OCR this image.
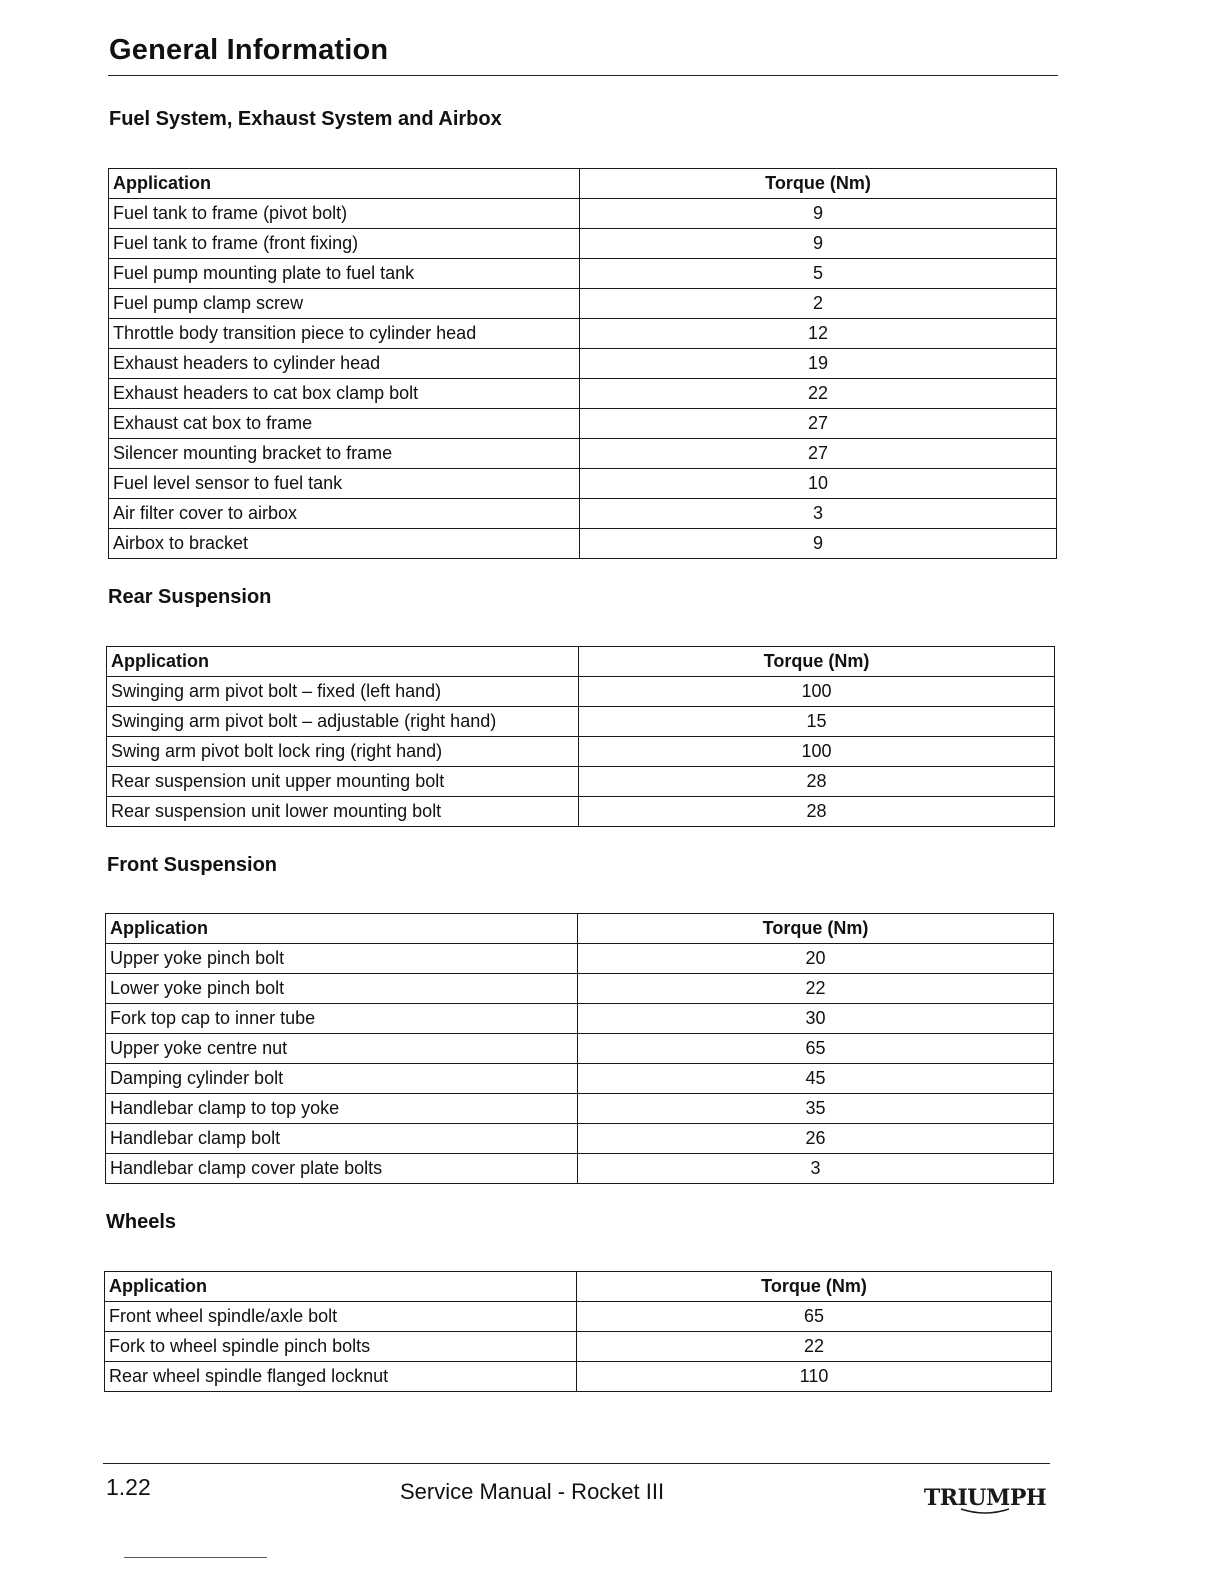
General Information
Fuel System, Exhaust System and Airbox
Application	Torque (Nm)
Fuel tank to frame (pivot bolt)	9
Fuel tank to frame (front fixing)	9
Fuel pump mounting plate to fuel tank	5
Fuel pump clamp screw	2
Throttle body transition piece to cylinder head	12
Exhaust headers to cylinder head	19
Exhaust headers to cat box clamp bolt	22
Exhaust cat box to frame	27
Silencer mounting bracket to frame	27
Fuel level sensor to fuel tank	10
Air filter cover to airbox	3
Airbox to bracket	9
Rear Suspension
Application	Torque (Nm)
Swinging arm pivot bolt – fixed (left hand)	100
Swinging arm pivot bolt – adjustable (right hand)	15
Swing arm pivot bolt lock ring (right hand)	100
Rear suspension unit upper mounting bolt	28
Rear suspension unit lower mounting bolt	28
Front Suspension
Application	Torque (Nm)
Upper yoke pinch bolt	20
Lower yoke pinch bolt	22
Fork top cap to inner tube	30
Upper yoke centre nut	65
Damping cylinder bolt	45
Handlebar clamp to top yoke	35
Handlebar clamp bolt	26
Handlebar clamp cover plate bolts	3
Wheels
Application	Torque (Nm)
Front wheel spindle/axle bolt	65
Fork to wheel spindle pinch bolts	22
Rear wheel spindle flanged locknut	110
1.22	Service Manual - Rocket III	TRIUMPH
